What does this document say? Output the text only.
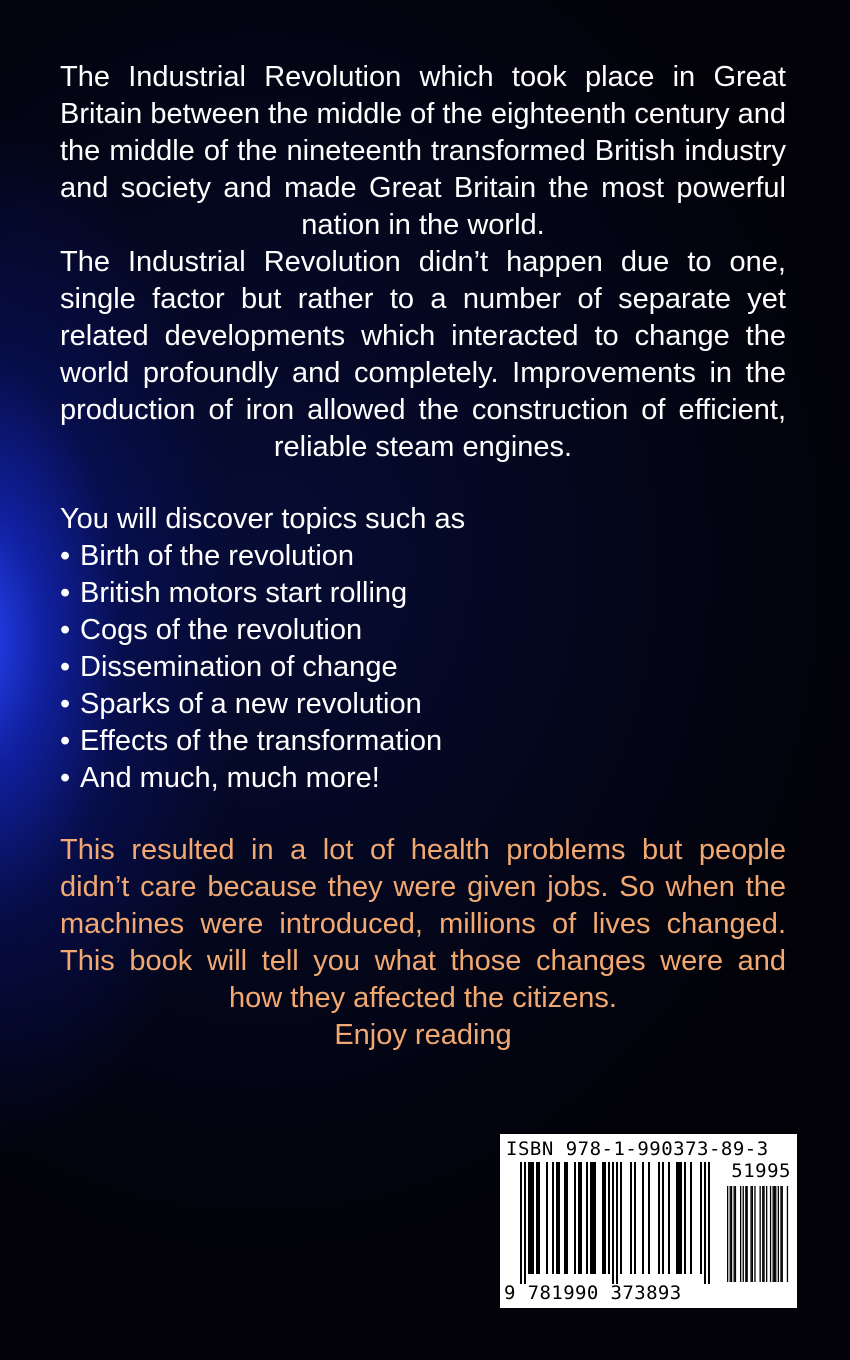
The Industrial Revolution which took place in Great Britain between the middle of the eighteenth century and the middle of the nineteenth transformed British industry and society and made Great Britain the most powerful nation in the world.

The Industrial Revolution didn’t happen due to one, single factor but rather to a number of separate yet related developments which interacted to change the world profoundly and completely. Improvements in the production of iron allowed the construction of efficient, reliable steam engines.

You will discover topics such as

• Birth of the revolution
• British motors start rolling
• Cogs of the revolution
• Dissemination of change
• Sparks of a new revolution
• Effects of the transformation
• And much, much more!

This resulted in a lot of health problems but people didn’t care because they were given jobs. So when the machines were introduced, millions of lives changed. This book will tell you what those changes were and how they affected the citizens.

Enjoy reading

ISBN 978-1-990373-89-3
51995
9 781990 373893
